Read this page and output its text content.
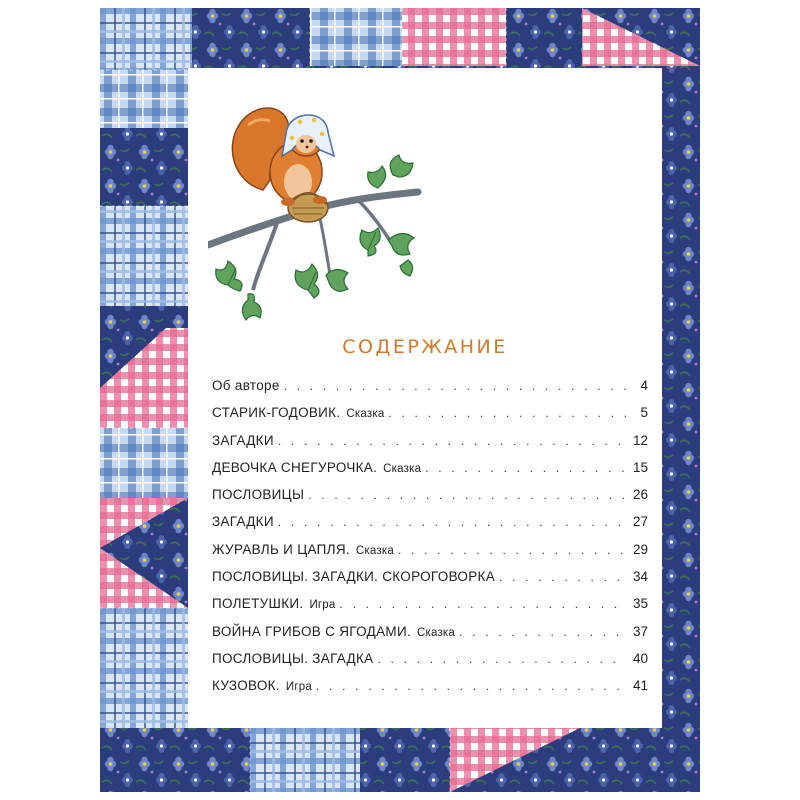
СОДЕРЖАНИЕ
Об авторе . . .	4
СТАРИК-ГОДОВИК. Сказка . . .	5
ЗАГАДКИ . . .	12
ДЕВОЧКА СНЕГУРОЧКА. Сказка . . .	15
ПОСЛОВИЦЫ . . .	26
ЗАГАДКИ . . .	27
ЖУРАВЛЬ И ЦАПЛЯ. Сказка . . .	29
ПОСЛОВИЦЫ. ЗАГАДКИ. СКОРОГОВОРКА . . .	34
ПОЛЕТУШКИ. Игра . . .	35
ВОЙНА ГРИБОВ С ЯГОДАМИ. Сказка . . .	37
ПОСЛОВИЦЫ. ЗАГАДКА . . .	40
КУЗОВОК. Игра . . .	41
